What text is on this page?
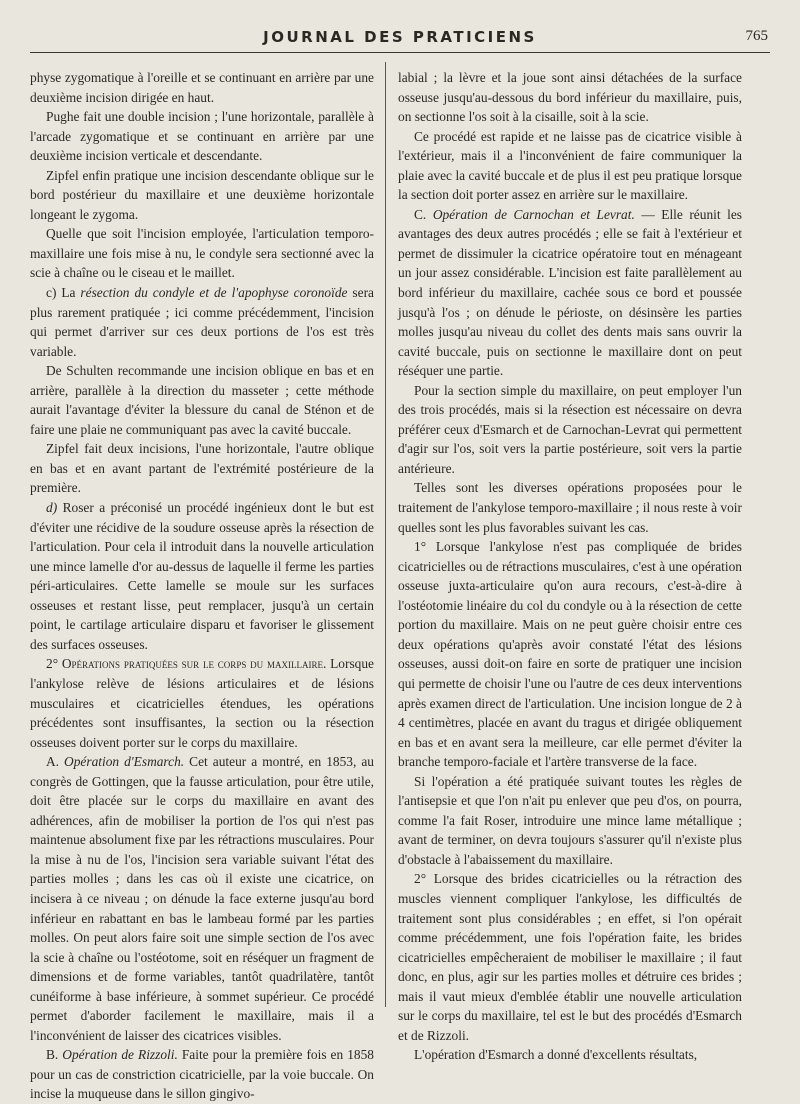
JOURNAL DES PRATICIENS	765

physe zygomatique à l'oreille et se continuant en arrière par une deuxième incision dirigée en haut.

Pughe fait une double incision ; l'une horizontale, parallèle à l'arcade zygomatique et se continuant en arrière par une deuxième incision verticale et descendante.

Zipfel enfin pratique une incision descendante oblique sur le bord postérieur du maxillaire et une deuxième horizontale longeant le zygoma.

Quelle que soit l'incision employée, l'articulation temporo-maxillaire une fois mise à nu, le condyle sera sectionné avec la scie à chaîne ou le ciseau et le maillet.

c) La résection du condyle et de l'apophyse coronoïde sera plus rarement pratiquée ; ici comme précédemment, l'incision qui permet d'arriver sur ces deux portions de l'os est très variable.

De Schulten recommande une incision oblique en bas et en arrière, parallèle à la direction du masseter ; cette méthode aurait l'avantage d'éviter la blessure du canal de Sténon et de faire une plaie ne communiquant pas avec la cavité buccale.

Zipfel fait deux incisions, l'une horizontale, l'autre oblique en bas et en avant partant de l'extrémité postérieure de la première.

d) Roser a préconisé un procédé ingénieux dont le but est d'éviter une récidive de la soudure osseuse après la résection de l'articulation. Pour cela il introduit dans la nouvelle articulation une mince lamelle d'or au-dessus de laquelle il ferme les parties péri-articulaires. Cette lamelle se moule sur les surfaces osseuses et restant lisse, peut remplacer, jusqu'à un certain point, le cartilage articulaire disparu et favoriser le glissement des surfaces osseuses.

2° Opérations pratiquées sur le corps du maxillaire. Lorsque l'ankylose relève de lésions articulaires et de lésions musculaires et cicatricielles étendues, les opérations précédentes sont insuffisantes, la section ou la résection osseuses doivent porter sur le corps du maxillaire.

A. Opération d'Esmarch. Cet auteur a montré, en 1853, au congrès de Gottingen, que la fausse articulation, pour être utile, doit être placée sur le corps du maxillaire en avant des adhérences, afin de mobiliser la portion de l'os qui n'est pas maintenue absolument fixe par les rétractions musculaires. Pour la mise à nu de l'os, l'incision sera variable suivant l'état des parties molles ; dans les cas où il existe une cicatrice, on incisera à ce niveau ; on dénude la face externe jusqu'au bord inférieur en rabattant en bas le lambeau formé par les parties molles. On peut alors faire soit une simple section de l'os avec la scie à chaîne ou l'ostéotome, soit en réséquer un fragment de dimensions et de forme variables, tantôt quadrilatère, tantôt cunéiforme à base inférieure, à sommet supérieur. Ce procédé permet d'aborder facilement le maxillaire, mais il a l'inconvénient de laisser des cicatrices visibles.

B. Opération de Rizzoli. Faite pour la première fois en 1858 pour un cas de constriction cicatricielle, par la voie buccale. On incise la muqueuse dans le sillon gingivo-

labial ; la lèvre et la joue sont ainsi détachées de la surface osseuse jusqu'au-dessous du bord inférieur du maxillaire, puis, on sectionne l'os soit à la cisaille, soit à la scie.

Ce procédé est rapide et ne laisse pas de cicatrice visible à l'extérieur, mais il a l'inconvénient de faire communiquer la plaie avec la cavité buccale et de plus il est peu pratique lorsque la section doit porter assez en arrière sur le maxillaire.

C. Opération de Carnochan et Levrat. — Elle réunit les avantages des deux autres procédés ; elle se fait à l'extérieur et permet de dissimuler la cicatrice opératoire tout en ménageant un jour assez considérable. L'incision est faite parallèlement au bord inférieur du maxillaire, cachée sous ce bord et poussée jusqu'à l'os ; on dénude le périoste, on désinsère les parties molles jusqu'au niveau du collet des dents mais sans ouvrir la cavité buccale, puis on sectionne le maxillaire dont on peut réséquer une partie.

Pour la section simple du maxillaire, on peut employer l'un des trois procédés, mais si la résection est nécessaire on devra préférer ceux d'Esmarch et de Carnochan-Levrat qui permettent d'agir sur l'os, soit vers la partie postérieure, soit vers la partie antérieure.

Telles sont les diverses opérations proposées pour le traitement de l'ankylose temporo-maxillaire ; il nous reste à voir quelles sont les plus favorables suivant les cas.

1° Lorsque l'ankylose n'est pas compliquée de brides cicatricielles ou de rétractions musculaires, c'est à une opération osseuse juxta-articulaire qu'on aura recours, c'est-à-dire à l'ostéotomie linéaire du col du condyle ou à la résection de cette portion du maxillaire. Mais on ne peut guère choisir entre ces deux opérations qu'après avoir constaté l'état des lésions osseuses, aussi doit-on faire en sorte de pratiquer une incision qui permette de choisir l'une ou l'autre de ces deux interventions après examen direct de l'articulation. Une incision longue de 2 à 4 centimètres, placée en avant du tragus et dirigée obliquement en bas et en avant sera la meilleure, car elle permet d'éviter la branche temporo-faciale et l'artère transverse de la face.

Si l'opération a été pratiquée suivant toutes les règles de l'antisepsie et que l'on n'ait pu enlever que peu d'os, on pourra, comme l'a fait Roser, introduire une mince lame métallique ; avant de terminer, on devra toujours s'assurer qu'il n'existe plus d'obstacle à l'abaissement du maxillaire.

2° Lorsque des brides cicatricielles ou la rétraction des muscles viennent compliquer l'ankylose, les difficultés de traitement sont plus considérables ; en effet, si l'on opérait comme précédemment, une fois l'opération faite, les brides cicatricielles empêcheraient de mobiliser le maxillaire ; il faut donc, en plus, agir sur les parties molles et détruire ces brides ; mais il vaut mieux d'emblée établir une nouvelle articulation sur le corps du maxillaire, tel est le but des procédés d'Esmarch et de Rizzoli.

L'opération d'Esmarch a donné d'excellents résultats,
